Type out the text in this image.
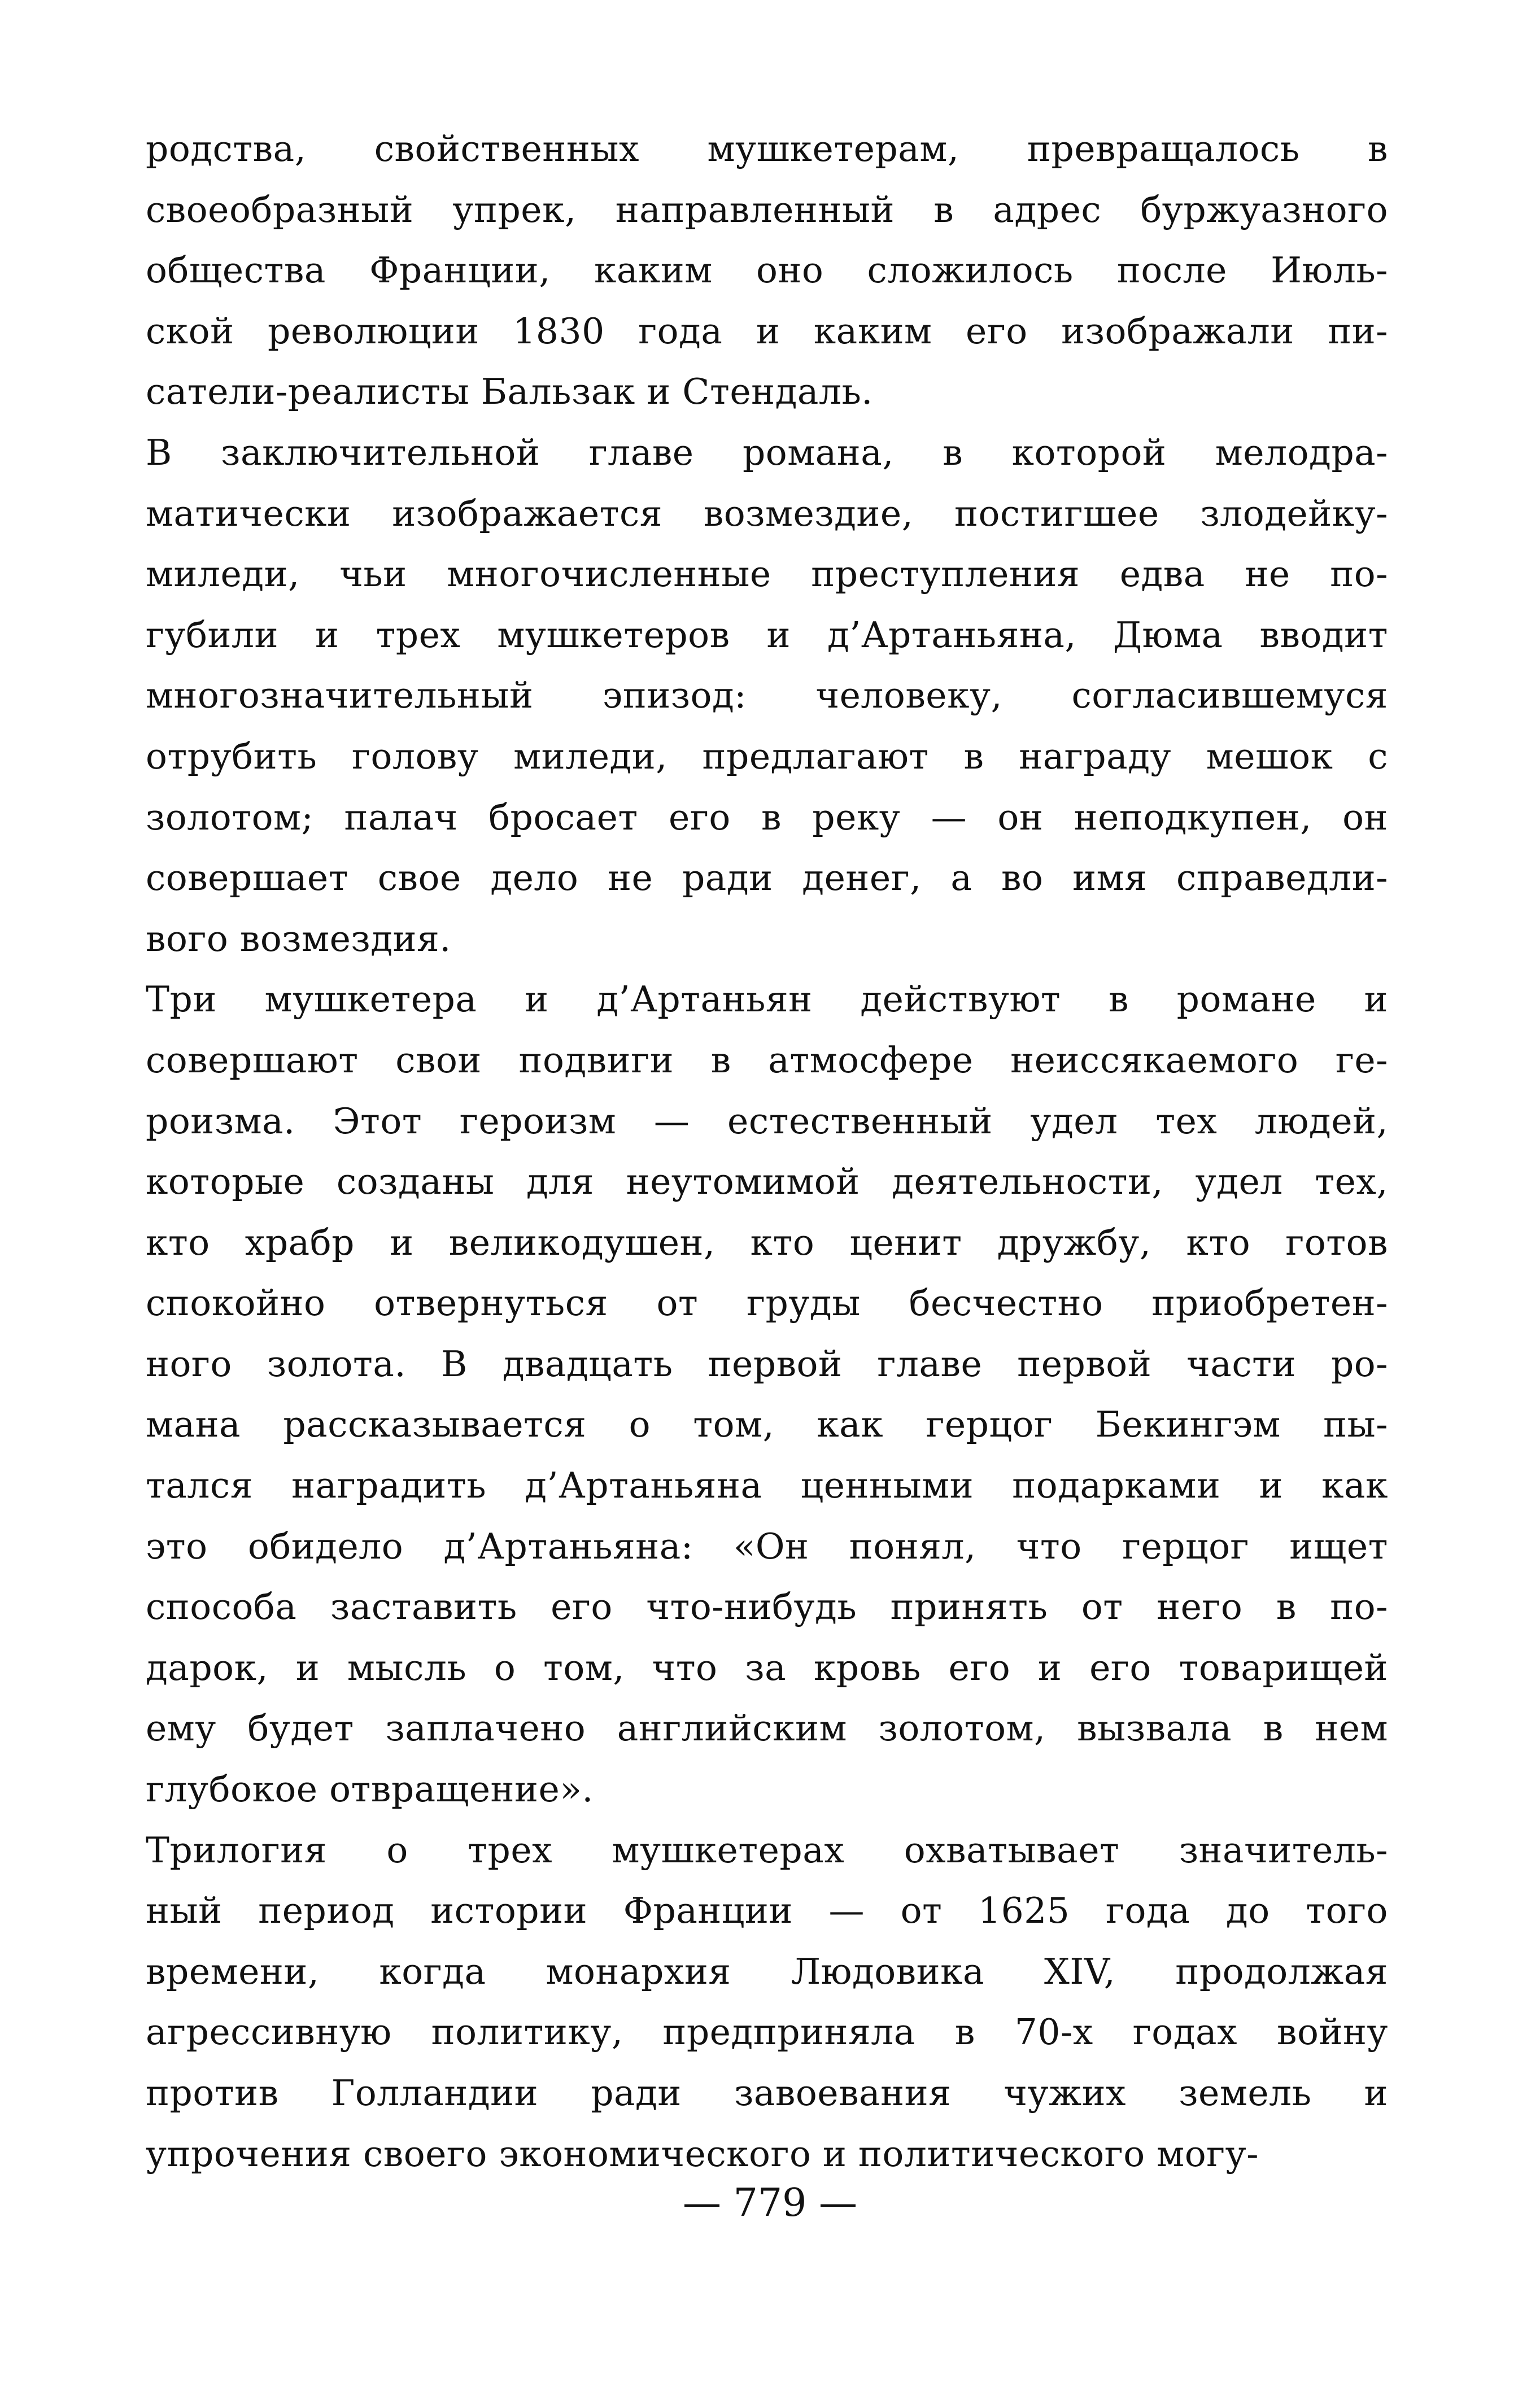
родства, свойственных мушкетерам, превращалось в
своеобразный упрек, направленный в адрес буржуазного
общества Франции, каким оно сложилось после Июль-
ской революции 1830 года и каким его изображали пи-
сатели-реалисты Бальзак и Стендаль.
В заключительной главе романа, в которой мелодра-
матически изображается возмездие, постигшее злодейку-
миледи, чьи многочисленные преступления едва не по-
губили и трех мушкетеров и д’Артаньяна, Дюма вводит
многозначительный эпизод: человеку, согласившемуся
отрубить голову миледи, предлагают в награду мешок с
золотом; палач бросает его в реку — он неподкупен, он
совершает свое дело не ради денег, а во имя справедли-
вого возмездия.
Три мушкетера и д’Артаньян действуют в романе и
совершают свои подвиги в атмосфере неиссякаемого ге-
роизма. Этот героизм — естественный удел тех людей,
которые созданы для неутомимой деятельности, удел тех,
кто храбр и великодушен, кто ценит дружбу, кто готов
спокойно отвернуться от груды бесчестно приобретен-
ного золота. В двадцать первой главе первой части ро-
мана рассказывается о том, как герцог Бекингэм пы-
тался наградить д’Артаньяна ценными подарками и как
это обидело д’Артаньяна: «Он понял, что герцог ищет
способа заставить его что-нибудь принять от него в по-
дарок, и мысль о том, что за кровь его и его товарищей
ему будет заплачено английским золотом, вызвала в нем
глубокое отвращение».
Трилогия о трех мушкетерах охватывает значитель-
ный период истории Франции — от 1625 года до того
времени, когда монархия Людовика XIV, продолжая
агрессивную политику, предприняла в 70-х годах войну
против Голландии ради завоевания чужих земель и
упрочения своего экономического и политического могу-
— 779 —
